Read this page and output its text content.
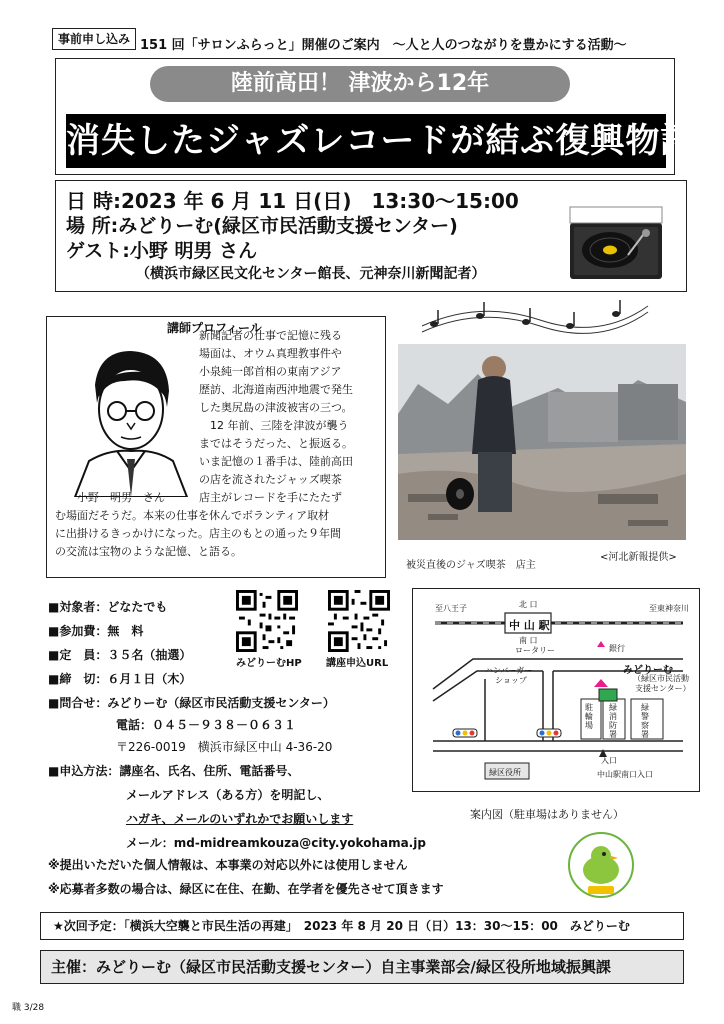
事前申し込み 151 回「サロンふらっと」開催のご案内　～人と人のつながりを豊かにする活動～
陸前高田！ 津波から12年
消失したジャズレコードが結ぶ復興物語
日 時:2023 年 6 月 11 日(日)　13:30～15:00
場 所:みどりーむ(緑区市民活動支援センター)
ゲスト:小野 明男 さん
（横浜市緑区民文化センター館長、元神奈川新聞記者）
講師プロフィール
小野　明男　さん
新聞記者の仕事で記憶に残る
場面は、オウム真理教事件や
小泉純一郎首相の東南アジア
歴訪、北海道南西沖地震で発生
した奥尻島の津波被害の三つ。
　12 年前、三陸を津波が襲う
まではそうだった、と振返る。
いま記憶の１番手は、陸前高田
の店を流されたジャッズ喫茶
店主がレコードを手にたたず
む場面だそうだ。本来の仕事を休んでボランティア取材
に出掛けるきっかけになった。店主のもとの通った９年間
の交流は宝物のような記憶、と語る。
被災直後のジャズ喫茶　店主
<河北新報提供>
■対象者：どなたでも
■参加費：無　料
■定　員：３５名（抽選）
■締　切：６月１日（木）
■問合せ：みどりーむ（緑区市民活動支援センター）
電話：０４５－９３８－０６３１
〒226-0019　横浜市緑区中山 4-36-20
■申込方法：講座名、氏名、住所、電話番号、
メールアドレス（ある方）を明記し、
ハガキ、メールのいずれかでお願いします
メール：md-midreamkouza@city.yokohama.jp
みどりーむHP 講座申込URL
至八王子	北 口	至東神奈川
中 山 駅
南 口
ロータリー	銀行
ハンバーガー
ショップ
みどりーむ
（緑区市民活動
支援センター）
駐輪場
緑消防署
緑警察署
入口
中山駅南口入口
緑区役所
案内図（駐車場はありません）
※提出いただいた個人情報は、本事業の対応以外には使用しません
※応募者多数の場合は、緑区に在住、在勤、在学者を優先させて頂きます
★次回予定：「横浜大空襲と市民生活の再建」　2023 年 8 月 20 日（日）13：30～15：00　みどりーむ
主催：みどりーむ（緑区市民活動支援センター）自主事業部会/緑区役所地域振興課
職 3/28
